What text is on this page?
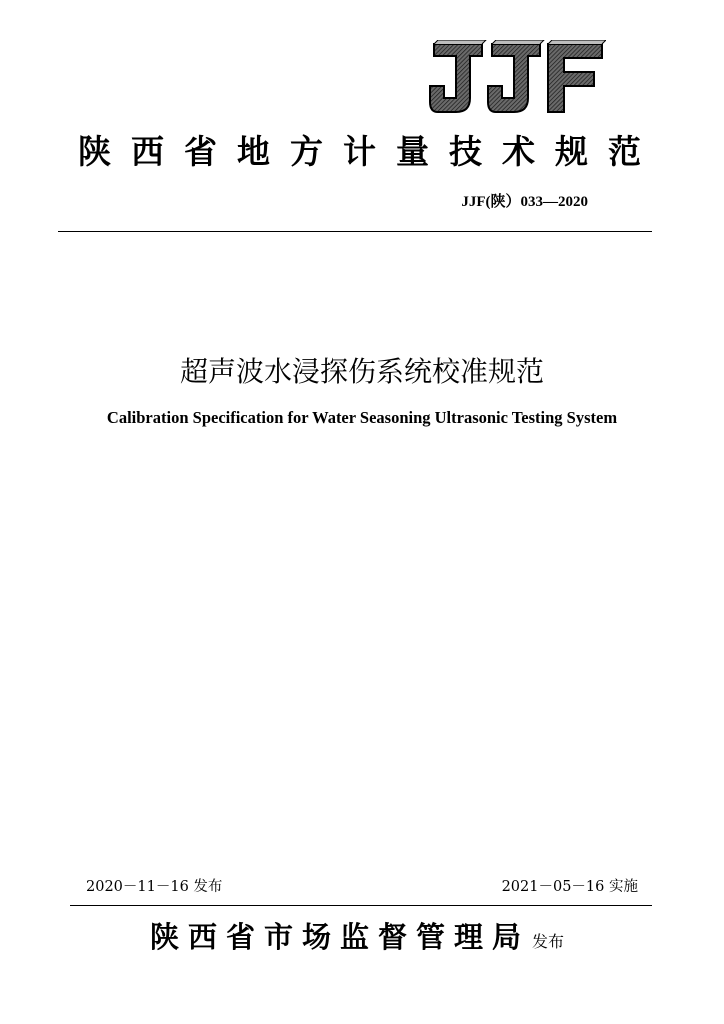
陕西省地方计量技术规范
JJF(陕）033—2020
超声波水浸探伤系统校准规范
Calibration Specification for Water Seasoning Ultrasonic Testing System
2020－11－16 发布	2021－05－16 实施
陕西省市场监督管理局 发布
